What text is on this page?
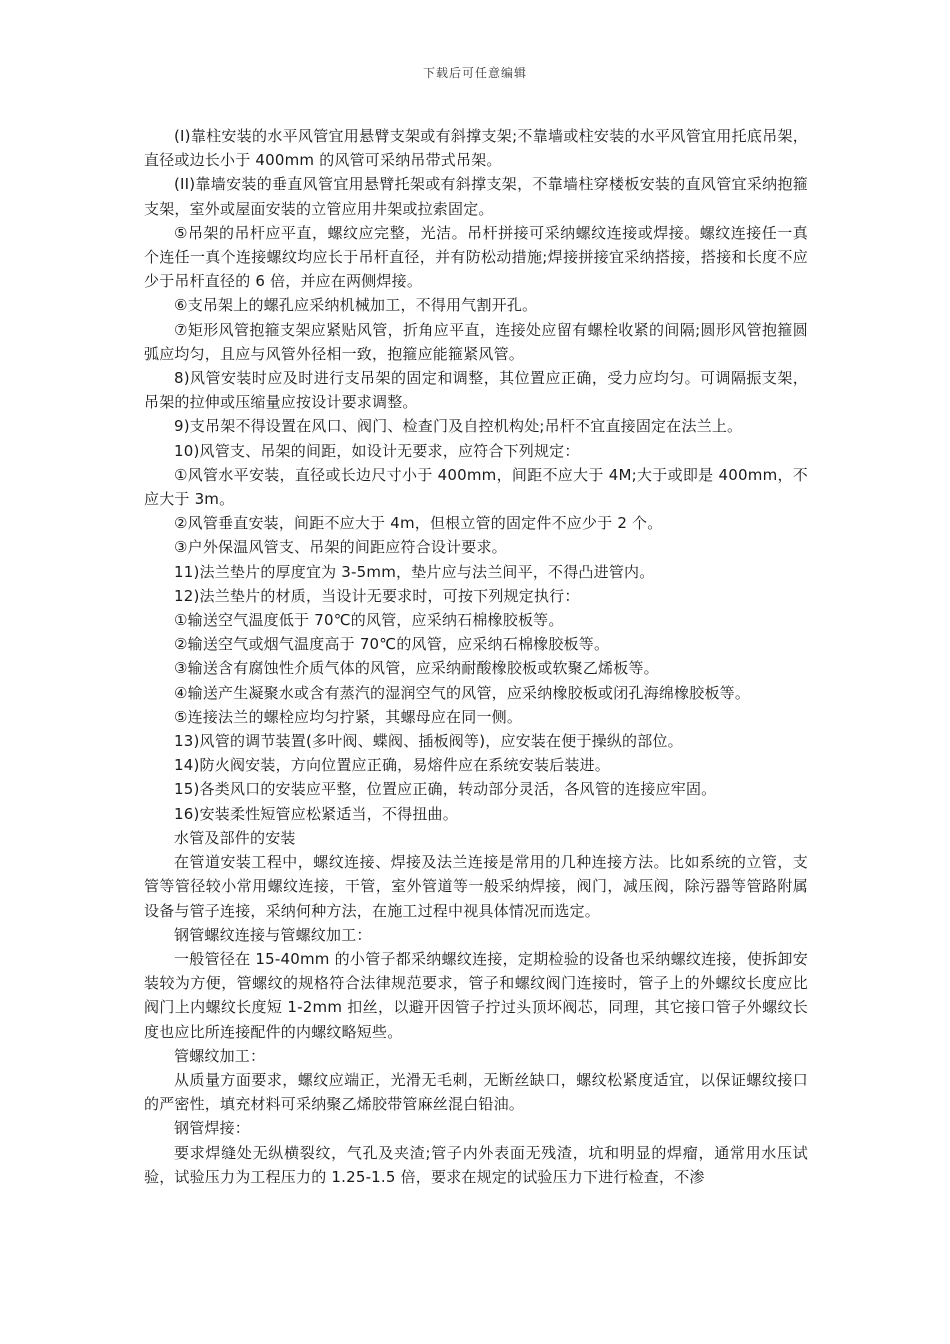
下载后可任意编辑

(I)靠柱安装的水平风管宜用悬臂支架或有斜撑支架;不靠墙或柱安装的水平风管宜用托底吊架，直径或边长小于 400mm 的风管可采纳吊带式吊架。

(II)靠墙安装的垂直风管宜用悬臂托架或有斜撑支架，不靠墙柱穿楼板安装的直风管宜采纳抱箍支架，室外或屋面安装的立管应用井架或拉索固定。

⑤吊架的吊杆应平直，螺纹应完整，光洁。吊杆拼接可采纳螺纹连接或焊接。螺纹连接任一真个连任一真个连接螺纹均应长于吊杆直径，并有防松动措施;焊接拼接宜采纳搭接，搭接和长度不应少于吊杆直径的 6 倍，并应在两侧焊接。

⑥支吊架上的螺孔应采纳机械加工，不得用气割开孔。

⑦矩形风管抱箍支架应紧贴风管，折角应平直，连接处应留有螺栓收紧的间隔;圆形风管抱箍圆弧应均匀，且应与风管外径相一致，抱箍应能箍紧风管。

8)风管安装时应及时进行支吊架的固定和调整，其位置应正确，受力应均匀。可调隔振支架，吊架的拉伸或压缩量应按设计要求调整。

9)支吊架不得设置在风口、阀门、检查门及自控机构处;吊杆不宜直接固定在法兰上。

10)风管支、吊架的间距，如设计无要求，应符合下列规定：

①风管水平安装，直径或长边尺寸小于 400mm，间距不应大于 4M;大于或即是 400mm，不应大于 3m。

②风管垂直安装，间距不应大于 4m，但根立管的固定件不应少于 2 个。

③户外保温风管支、吊架的间距应符合设计要求。

11)法兰垫片的厚度宜为 3-5mm，垫片应与法兰间平，不得凸进管内。

12)法兰垫片的材质，当设计无要求时，可按下列规定执行：

①输送空气温度低于 70℃的风管，应采纳石棉橡胶板等。

②输送空气或烟气温度高于 70℃的风管，应采纳石棉橡胶板等。

③输送含有腐蚀性介质气体的风管，应采纳耐酸橡胶板或软聚乙烯板等。

④输送产生凝聚水或含有蒸汽的湿润空气的风管，应采纳橡胶板或闭孔海绵橡胶板等。

⑤连接法兰的螺栓应均匀拧紧，其螺母应在同一侧。

13)风管的调节装置(多叶阀、蝶阀、插板阀等)，应安装在便于操纵的部位。

14)防火阀安装，方向位置应正确，易熔件应在系统安装后装进。

15)各类风口的安装应平整，位置应正确，转动部分灵活，各风管的连接应牢固。

16)安装柔性短管应松紧适当，不得扭曲。

水管及部件的安装

在管道安装工程中，螺纹连接、焊接及法兰连接是常用的几种连接方法。比如系统的立管，支管等管径较小常用螺纹连接，干管，室外管道等一般采纳焊接，阀门，减压阀，除污器等管路附属设备与管子连接，采纳何种方法，在施工过程中视具体情况而选定。

钢管螺纹连接与管螺纹加工：

一般管径在 15-40mm 的小管子都采纳螺纹连接，定期检验的设备也采纳螺纹连接，使拆卸安装较为方便，管螺纹的规格符合法律规范要求，管子和螺纹阀门连接时，管子上的外螺纹长度应比阀门上内螺纹长度短 1-2mm 扣丝，以避开因管子拧过头顶坏阀芯，同理，其它接口管子外螺纹长度也应比所连接配件的内螺纹略短些。

管螺纹加工：

从质量方面要求，螺纹应端正，光滑无毛刺，无断丝缺口，螺纹松紧度适宜，以保证螺纹接口的严密性，填充材料可采纳聚乙烯胶带管麻丝混白铅油。

钢管焊接：

要求焊缝处无纵横裂纹，气孔及夹渣;管子内外表面无残渣，坑和明显的焊瘤，通常用水压试验，试验压力为工程压力的 1.25-1.5 倍，要求在规定的试验压力下进行检查，不渗
